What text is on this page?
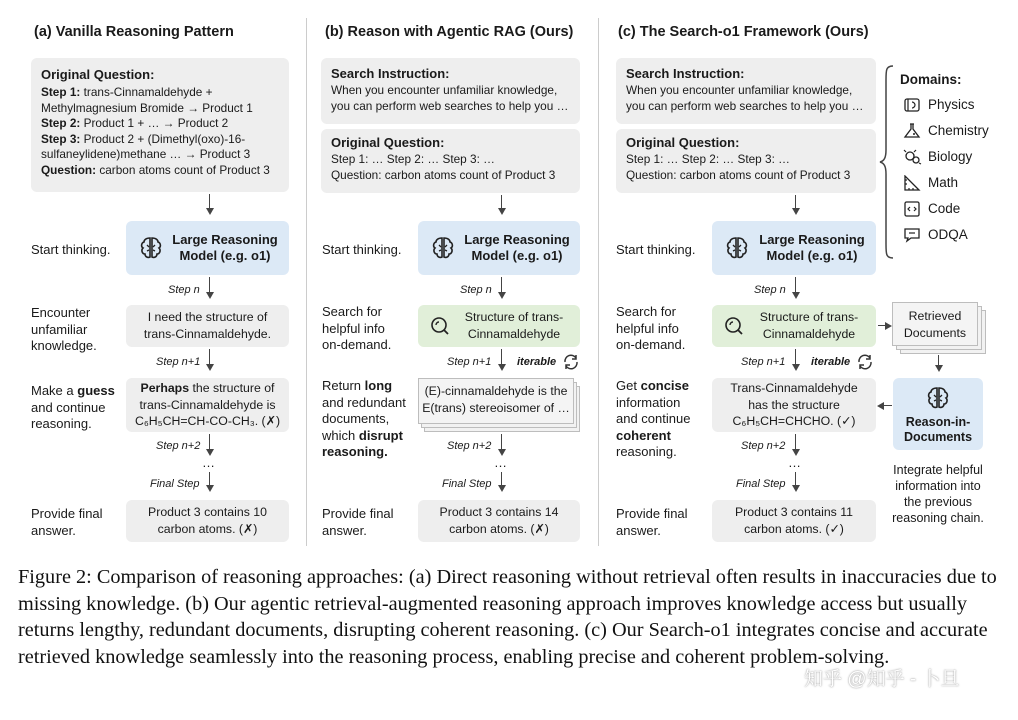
(a) Vanilla Reasoning Pattern
Original Question:
Step 1: trans-Cinnamaldehyde +
Methylmagnesium Bromide → Product 1
Step 2: Product 1 + … → Product 2
Step 3: Product 2 + (Dimethyl(oxo)-16-
sulfaneylidene)methane … → Product 3
Question: carbon atoms count of Product 3
Start thinking.
Large Reasoning
Model (e.g. o1)
Step n
Encounter
unfamiliar
knowledge.
I need the structure of
trans-Cinnamaldehyde.
Step n+1
Make a guess
and continue
reasoning.
Perhaps the structure of
trans-Cinnamaldehyde is
C₆H₅CH=CH-CO-CH₃. (✗)
Step n+2
…
Final Step
Provide final
answer.
Product 3 contains 10
carbon atoms. (✗)
(b) Reason with Agentic RAG (Ours)
Search Instruction:
When you encounter unfamiliar knowledge,
you can perform web searches to help you …
Original Question:
Step 1: … Step 2: … Step 3: …
Question: carbon atoms count of Product 3
Start thinking.
Large Reasoning
Model (e.g. o1)
Step n
Search for
helpful info
on-demand.
Structure of trans-
Cinnamaldehyde
Step n+1 iterable
Return long
and redundant
documents,
which disrupt
reasoning.
(E)-cinnamaldehyde is the
E(trans) stereoisomer of …
Step n+2
…
Final Step
Provide final
answer.
Product 3 contains 14
carbon atoms. (✗)
(c) The Search-o1 Framework (Ours)
Search Instruction:
When you encounter unfamiliar knowledge,
you can perform web searches to help you …
Original Question:
Step 1: … Step 2: … Step 3: …
Question: carbon atoms count of Product 3
Domains:
Physics
Chemistry
Biology
Math
Code
ODQA
Start thinking.
Large Reasoning
Model (e.g. o1)
Step n
Search for
helpful info
on-demand.
Structure of trans-
Cinnamaldehyde
Retrieved
Documents
Reason-in-
Documents
Integrate helpful
information into
the previous
reasoning chain.
Step n+1 iterable
Get concise
information
and continue
coherent
reasoning.
Trans-Cinnamaldehyde
has the structure
C₆H₅CH=CHCHO. (✓)
Step n+2
…
Final Step
Provide final
answer.
Product 3 contains 11
carbon atoms. (✓)
Figure 2: Comparison of reasoning approaches: (a) Direct reasoning without retrieval often results in inaccuracies due to missing knowledge. (b) Our agentic retrieval-augmented reasoning approach improves knowledge access but usually returns lengthy, redundant documents, disrupting coherent reasoning. (c) Our Search-o1 integrates concise and accurate retrieved knowledge seamlessly into the reasoning process, enabling precise and coherent problem-solving.
知乎 @知乎 - 卜旦
